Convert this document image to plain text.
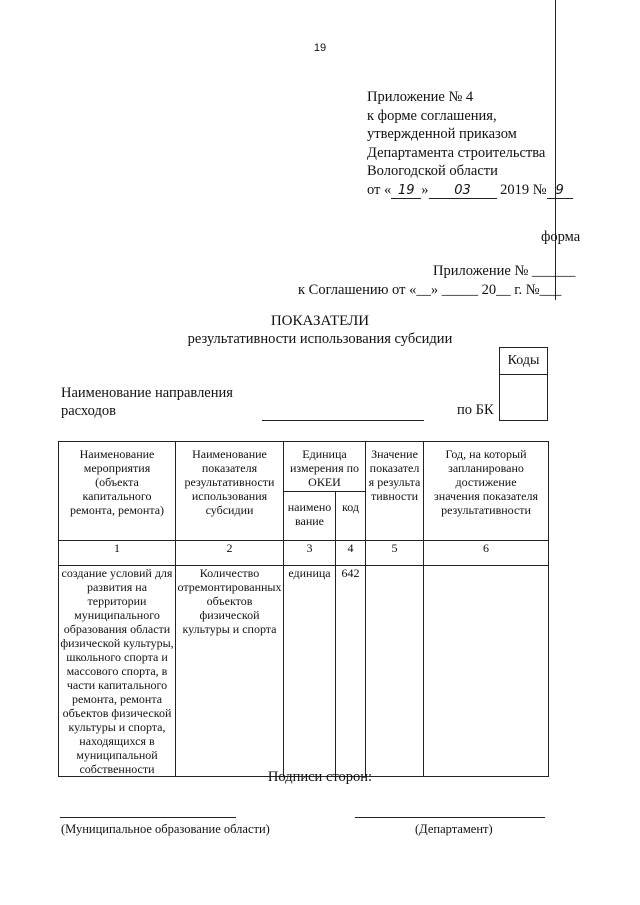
19
Приложение № 4
к форме соглашения,
утвержденной приказом
Департамента строительства
Вологодской области
от « 19 » 03 2019 № 9
форма
Приложение № ______
к Соглашению от «__» _____ 20__ г. №___
ПОКАЗАТЕЛИ
результативности использования субсидии
Коды
Наименование направления
расходов	по БК
Наименование мероприятия (объекта капитального ремонта, ремонта)	Наименование показателя результативности использования субсидии	Единица измерения по ОКЕИ		Значение показателя результативности	Год, на который запланировано достижение значения показателя результативности
		наименование	код		
1	2	3	4	5	6
создание условий для развития на территории муниципального образования области физической культуры, школьного спорта и массового спорта, в части капитального ремонта, ремонта объектов физической культуры и спорта, находящихся в муниципальной собственности	Количество отремонтированных объектов физической культуры и спорта	единица	642		
Подписи сторон:
(Муниципальное образование области)	(Департамент)
